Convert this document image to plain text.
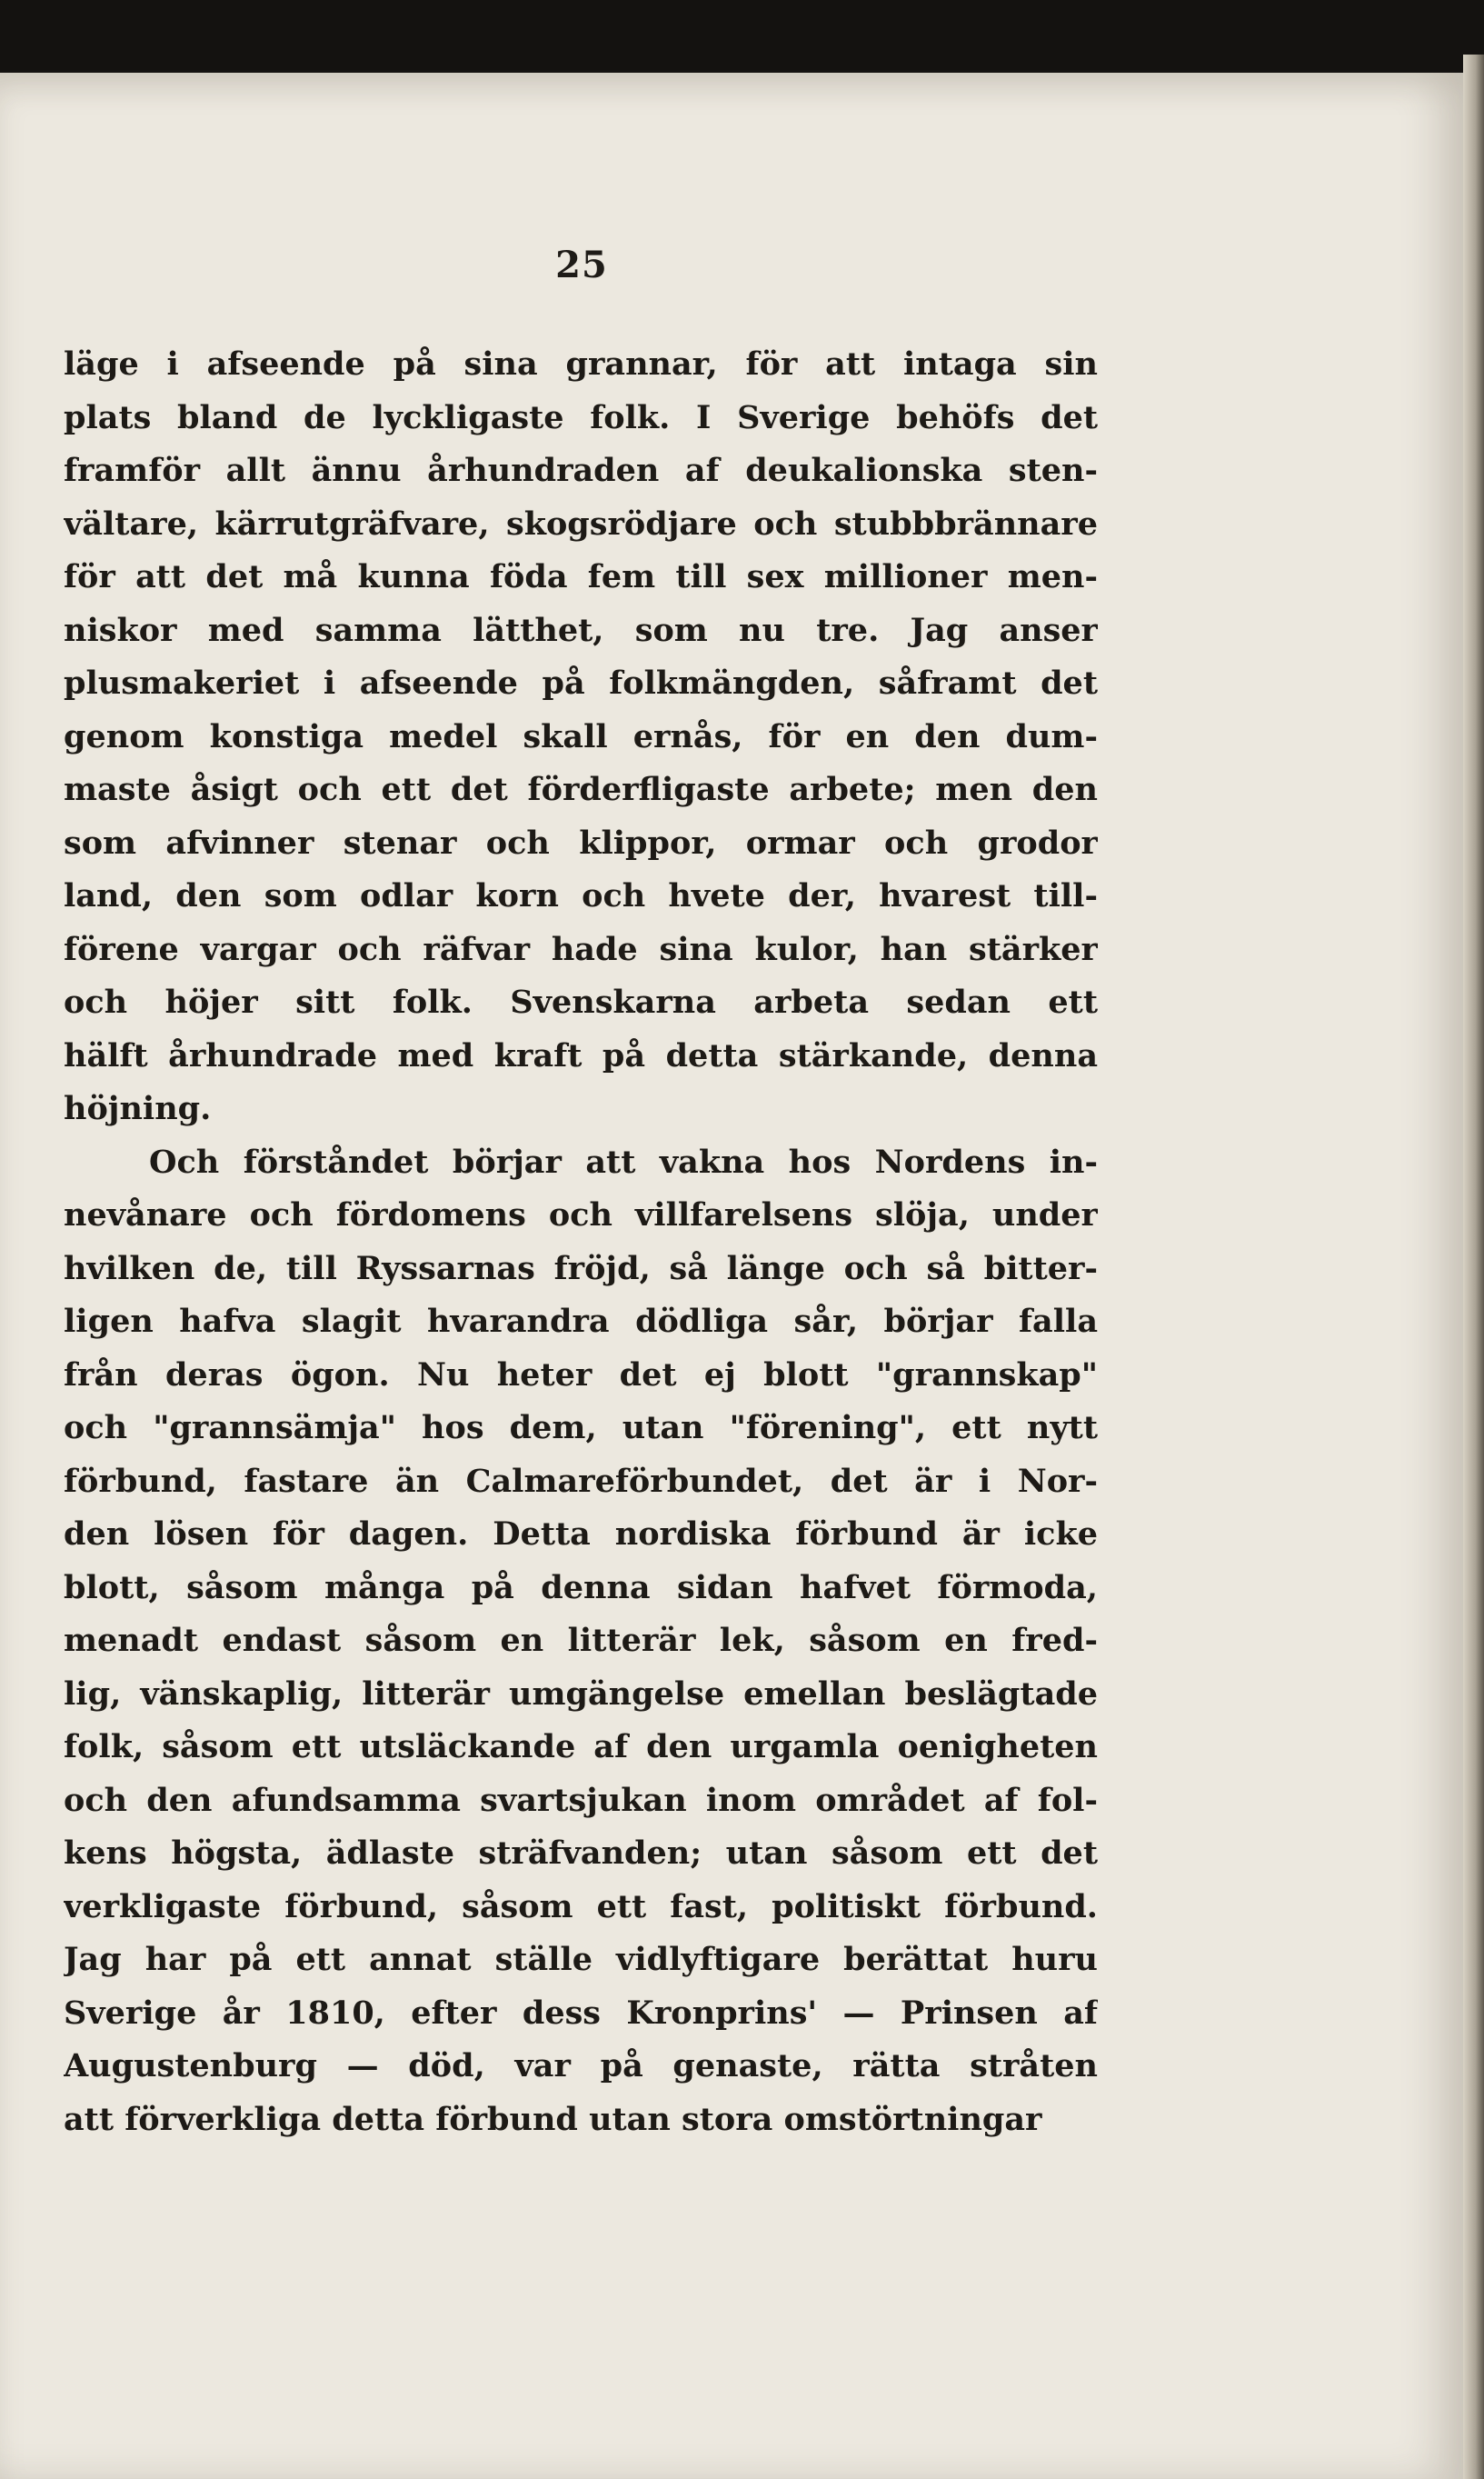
25
läge i afseende på sina grannar, för att intaga sin
plats bland de lyckligaste folk. I Sverige behöfs det
framför allt ännu århundraden af deukalionska sten-
vältare, kärrutgräfvare, skogsrödjare och stubbbrännare
för att det må kunna föda fem till sex millioner men-
niskor med samma lätthet, som nu tre. Jag anser
plusmakeriet i afseende på folkmängden, såframt det
genom konstiga medel skall ernås, för en den dum-
maste åsigt och ett det förderfligaste arbete; men den
som afvinner stenar och klippor, ormar och grodor
land, den som odlar korn och hvete der, hvarest till-
förene vargar och räfvar hade sina kulor, han stärker
och höjer sitt folk. Svenskarna arbeta sedan ett
hälft århundrade med kraft på detta stärkande, denna
höjning.
Och förståndet börjar att vakna hos Nordens in-
nevånare och fördomens och villfarelsens slöja, under
hvilken de, till Ryssarnas fröjd, så länge och så bitter-
ligen hafva slagit hvarandra dödliga sår, börjar falla
från deras ögon. Nu heter det ej blott "grannskap"
och "grannsämja" hos dem, utan "förening", ett nytt
förbund, fastare än Calmareförbundet, det är i Nor-
den lösen för dagen. Detta nordiska förbund är icke
blott, såsom många på denna sidan hafvet förmoda,
menadt endast såsom en litterär lek, såsom en fred-
lig, vänskaplig, litterär umgängelse emellan beslägtade
folk, såsom ett utsläckande af den urgamla oenigheten
och den afundsamma svartsjukan inom området af fol-
kens högsta, ädlaste sträfvanden; utan såsom ett det
verkligaste förbund, såsom ett fast, politiskt förbund.
Jag har på ett annat ställe vidlyftigare berättat huru
Sverige år 1810, efter dess Kronprins' — Prinsen af
Augustenburg — död, var på genaste, rätta stråten
att förverkliga detta förbund utan stora omstörtningar
